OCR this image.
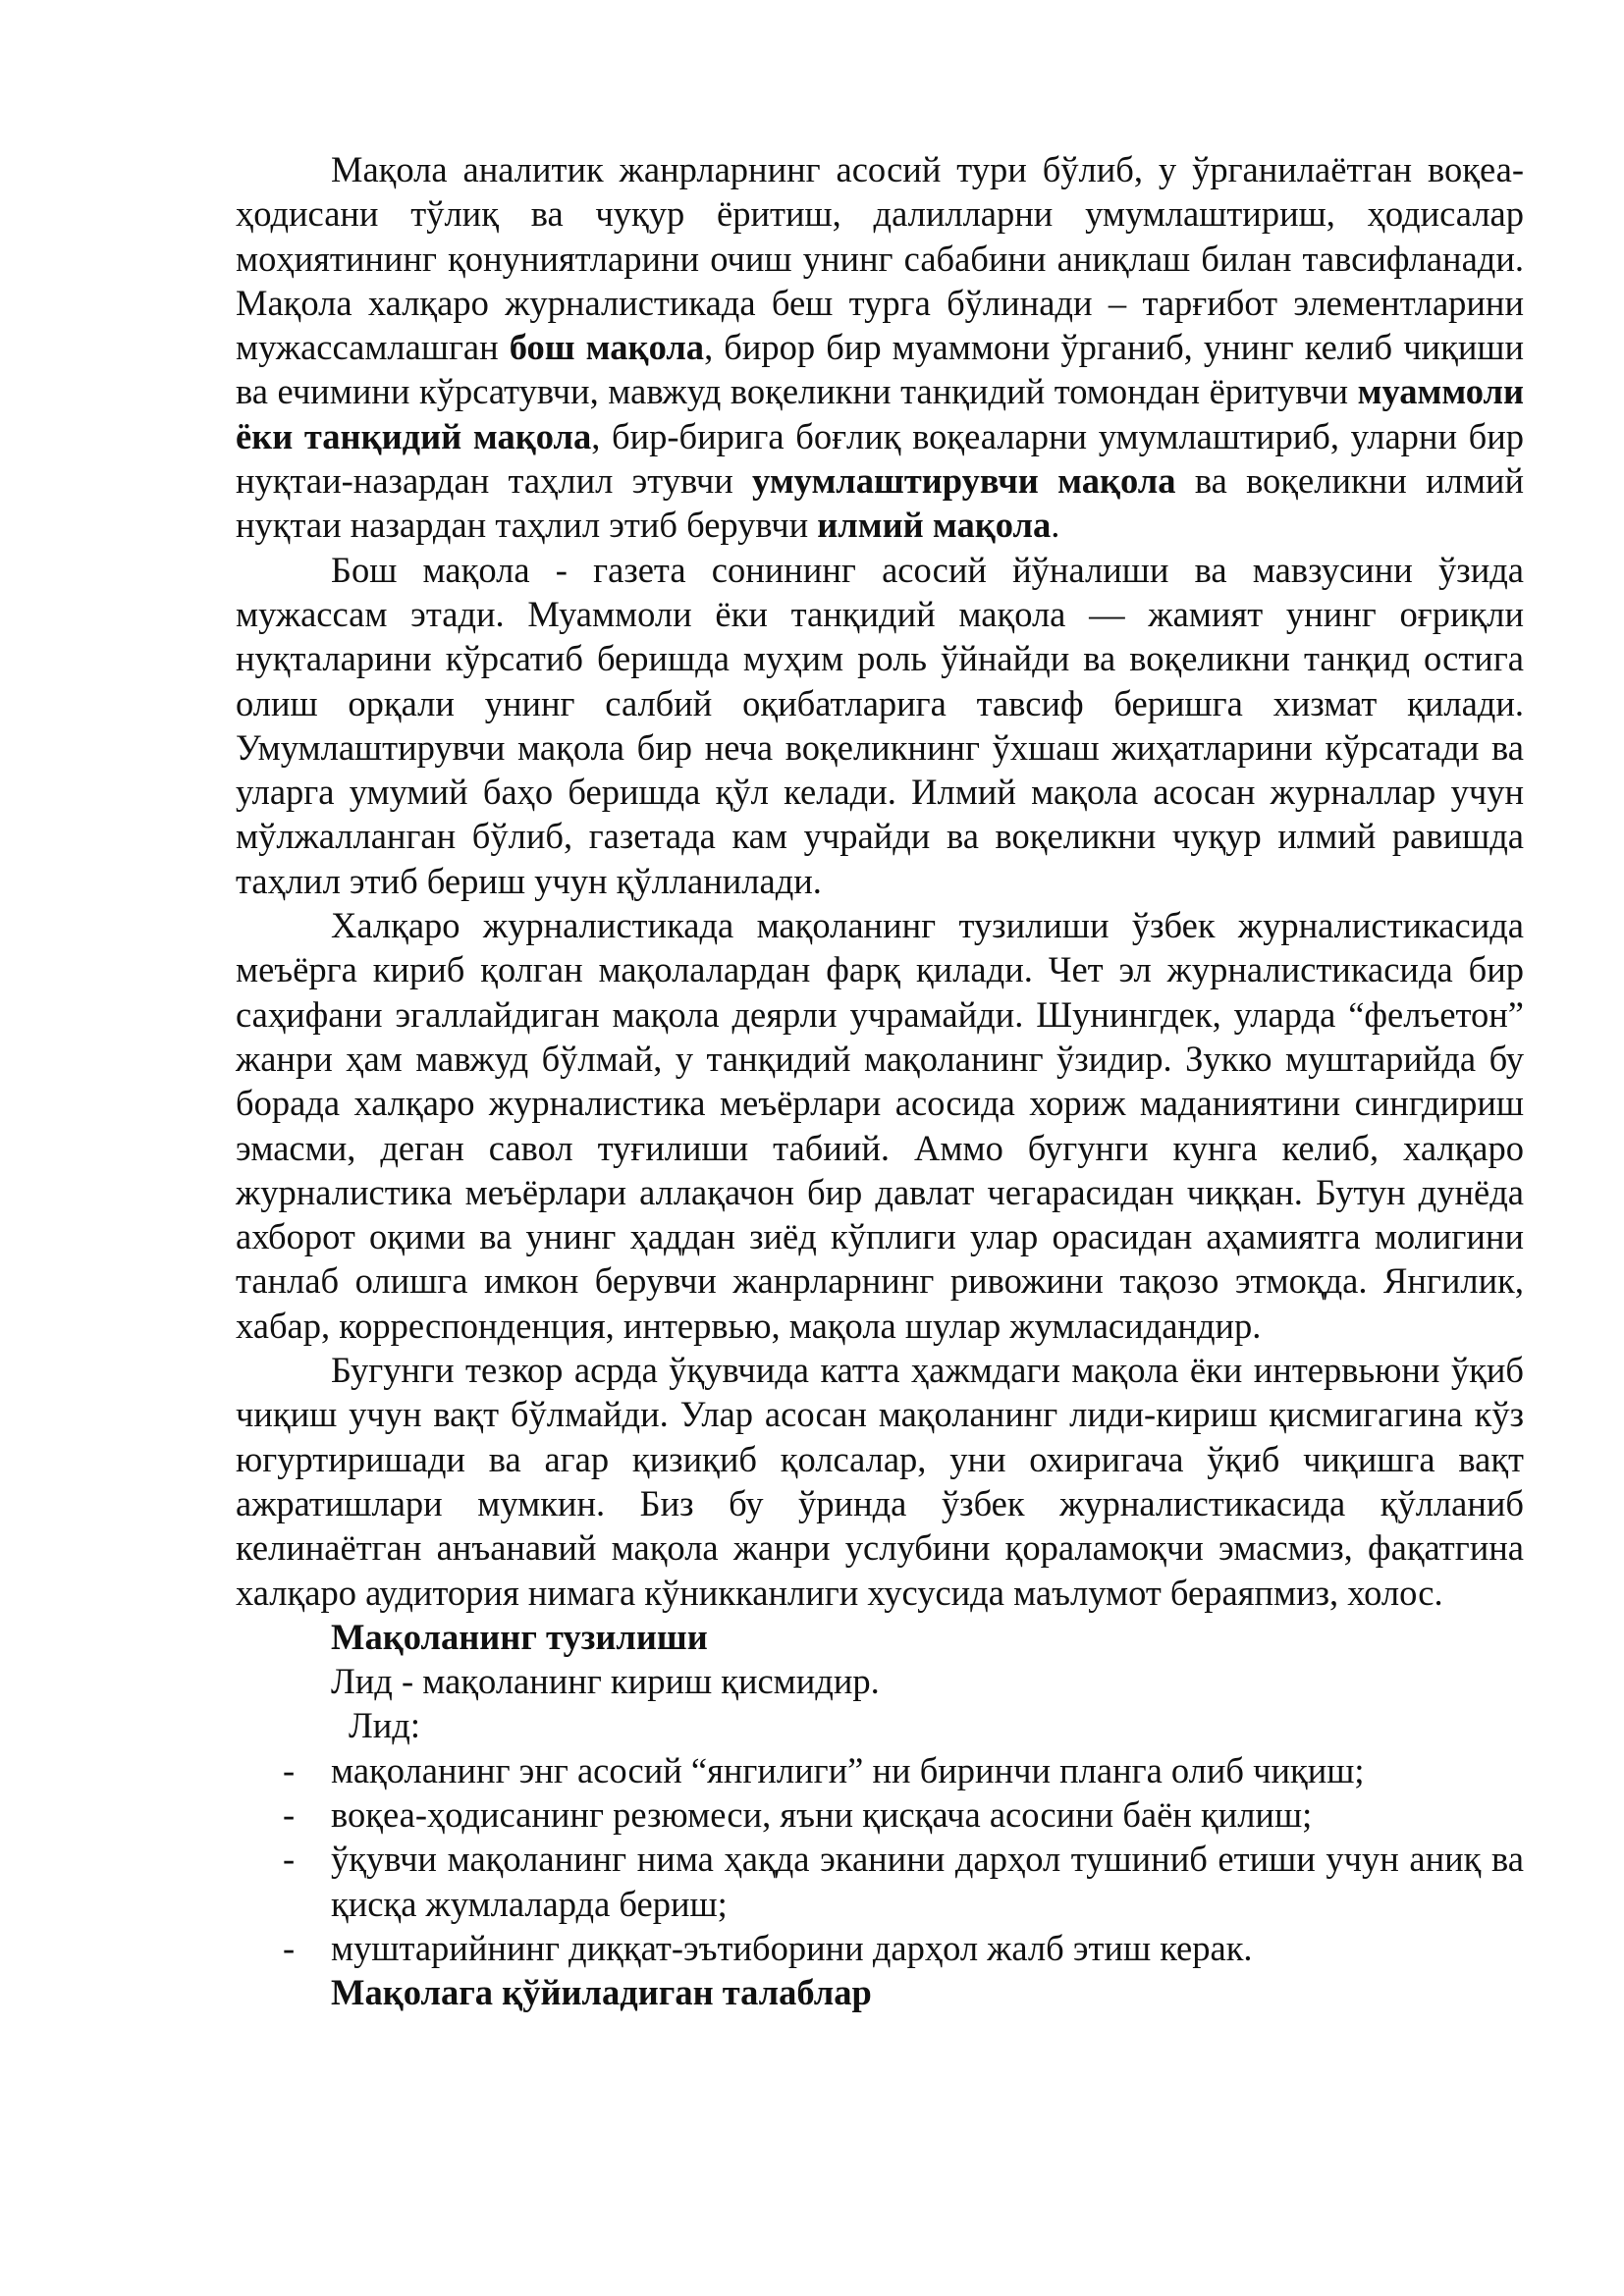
Мақола аналитик жанрларнинг асосий тури бўлиб, у ўрганилаётган воқеа-ҳодисани тўлиқ ва чуқур ёритиш, далилларни умумлаштириш, ҳодисалар моҳиятининг қонуниятларини очиш унинг сабабини аниқлаш билан тавсифланади. Мақола халқаро журналистикада беш турга бўлинади – тарғибот элементларини мужассамлашган бош мақола, бирор бир муаммони ўрганиб, унинг келиб чиқиши ва ечимини кўрсатувчи, мавжуд воқеликни танқидий томондан ёритувчи муаммоли ёки танқидий мақола, бир-бирига боғлиқ воқеаларни умумлаштириб, уларни бир нуқтаи-назардан таҳлил этувчи умумлаштирувчи мақола ва воқеликни илмий нуқтаи назардан таҳлил этиб берувчи илмий мақола.

Бош мақола - газета сонининг асосий йўналиши ва мавзусини ўзида мужассам этади. Муаммоли ёки танқидий мақола — жамият унинг оғриқли нуқталарини кўрсатиб беришда муҳим роль ўйнайди ва воқеликни танқид остига олиш орқали унинг салбий оқибатларига тавсиф беришга хизмат қилади. Умумлаштирувчи мақола бир неча воқеликнинг ўхшаш жиҳатларини кўрсатади ва уларга умумий баҳо беришда қўл келади. Илмий мақола асосан журналлар учун мўлжалланган бўлиб, газетада кам учрайди ва воқеликни чуқур илмий равишда таҳлил этиб бериш учун қўлланилади.

Халқаро журналистикада мақоланинг тузилиши ўзбек журналистикасида меъёрга кириб қолган мақолалардан фарқ қилади. Чет эл журналистикасида бир саҳифани эгаллайдиган мақола деярли учрамайди. Шунингдек, уларда “фелъетон” жанри ҳам мавжуд бўлмай, у танқидий мақоланинг ўзидир. Зукко муштарийда бу борада халқаро журналистика меъёрлари асосида хориж маданиятини сингдириш эмасми, деган савол туғилиши табиий. Аммо бугунги кунга келиб, халқаро журналистика меъёрлари аллақачон бир давлат чегарасидан чиққан. Бутун дунёда ахборот оқими ва унинг ҳаддан зиёд кўплиги улар орасидан аҳамиятга молигини танлаб олишга имкон берувчи жанрларнинг ривожини тақозо этмоқда. Янгилик, хабар, корреспонденция, интервью, мақола шулар жумласидандир.

Бугунги тезкор асрда ўқувчида катта ҳажмдаги мақола ёки интервьюни ўқиб чиқиш учун вақт бўлмайди. Улар асосан мақоланинг лиди-кириш қисмигагина кўз югуртиришади ва агар қизиқиб қолсалар, уни охиригача ўқиб чиқишга вақт ажратишлари мумкин. Биз бу ўринда ўзбек журналистикасида қўлланиб келинаётган анъанавий мақола жанри услубини қораламоқчи эмасмиз, фақатгина халқаро аудитория нимага кўникканлиги хусусида маълумот бераяпмиз, холос.

Мақоланинг тузилиши

Лид - мақоланинг кириш қисмидир.

Лид:

- мақоланинг энг асосий “янгилиги” ни биринчи планга олиб чиқиш;
- воқеа-ҳодисанинг резюмеси, яъни қисқача асосини баён қилиш;
- ўқувчи мақоланинг нима ҳақда эканини дарҳол тушиниб етиши учун аниқ ва қисқа жумлаларда бериш;
- муштарийнинг диққат-эътиборини дарҳол жалб этиш керак.

Мақолага қўйиладиган талаблар
